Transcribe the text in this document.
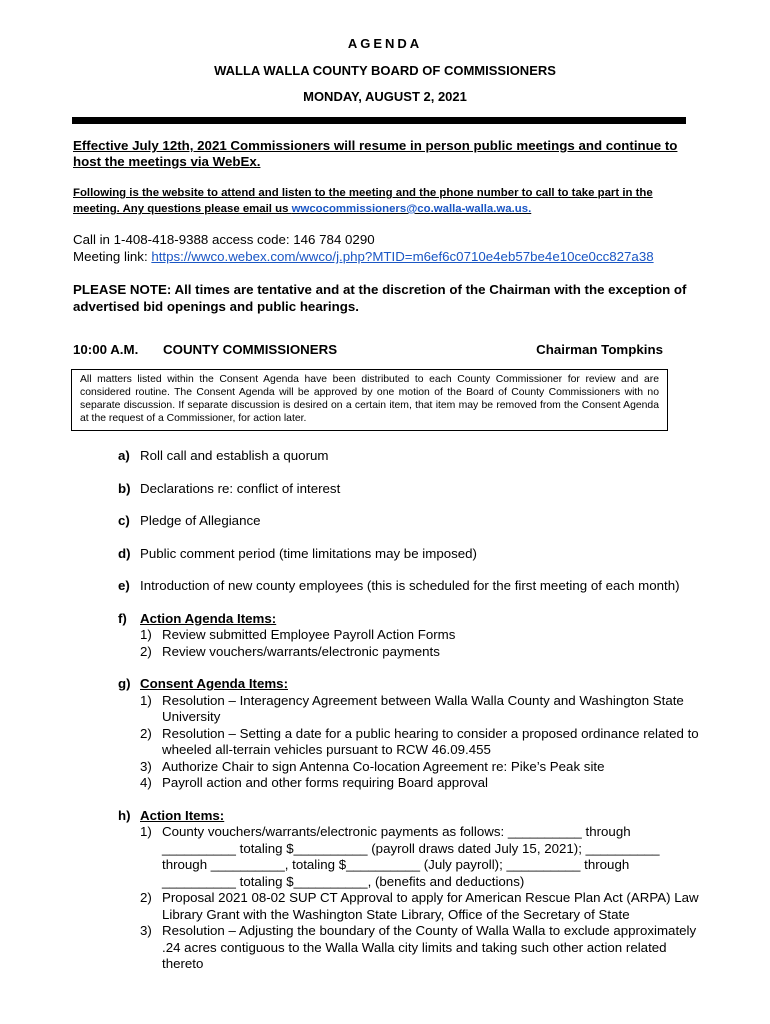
AGENDA
WALLA WALLA COUNTY BOARD OF COMMISSIONERS
MONDAY, AUGUST 2, 2021
Effective July 12th, 2021 Commissioners will resume in person public meetings and continue to host the meetings via WebEx.
Following is the website to attend and listen to the meeting and the phone number to call to take part in the meeting. Any questions please email us wwcocommissioners@co.walla-walla.wa.us.
Call in 1-408-418-9388 access code: 146 784 0290
Meeting link: https://wwco.webex.com/wwco/j.php?MTID=m6ef6c0710e4eb57be4e10ce0cc827a38
PLEASE NOTE: All times are tentative and at the discretion of the Chairman with the exception of advertised bid openings and public hearings.
10:00 A.M. COUNTY COMMISSIONERS	Chairman Tompkins
All matters listed within the Consent Agenda have been distributed to each County Commissioner for review and are considered routine. The Consent Agenda will be approved by one motion of the Board of County Commissioners with no separate discussion. If separate discussion is desired on a certain item, that item may be removed from the Consent Agenda at the request of a Commissioner, for action later.
a) Roll call and establish a quorum
b) Declarations re: conflict of interest
c) Pledge of Allegiance
d) Public comment period (time limitations may be imposed)
e) Introduction of new county employees (this is scheduled for the first meeting of each month)
f) Action Agenda Items:
1) Review submitted Employee Payroll Action Forms
2) Review vouchers/warrants/electronic payments
g) Consent Agenda Items:
1) Resolution – Interagency Agreement between Walla Walla County and Washington State University
2) Resolution – Setting a date for a public hearing to consider a proposed ordinance related to wheeled all-terrain vehicles pursuant to RCW 46.09.455
3) Authorize Chair to sign Antenna Co-location Agreement re: Pike’s Peak site
4) Payroll action and other forms requiring Board approval
h) Action Items:
1) County vouchers/warrants/electronic payments as follows: __________ through __________ totaling $__________ (payroll draws dated July 15, 2021); __________ through __________, totaling $__________ (July payroll); __________ through __________ totaling $__________, (benefits and deductions)
2) Proposal 2021 08-02 SUP CT Approval to apply for American Rescue Plan Act (ARPA) Law Library Grant with the Washington State Library, Office of the Secretary of State
3) Resolution – Adjusting the boundary of the County of Walla Walla to exclude approximately .24 acres contiguous to the Walla Walla city limits and taking such other action related thereto
